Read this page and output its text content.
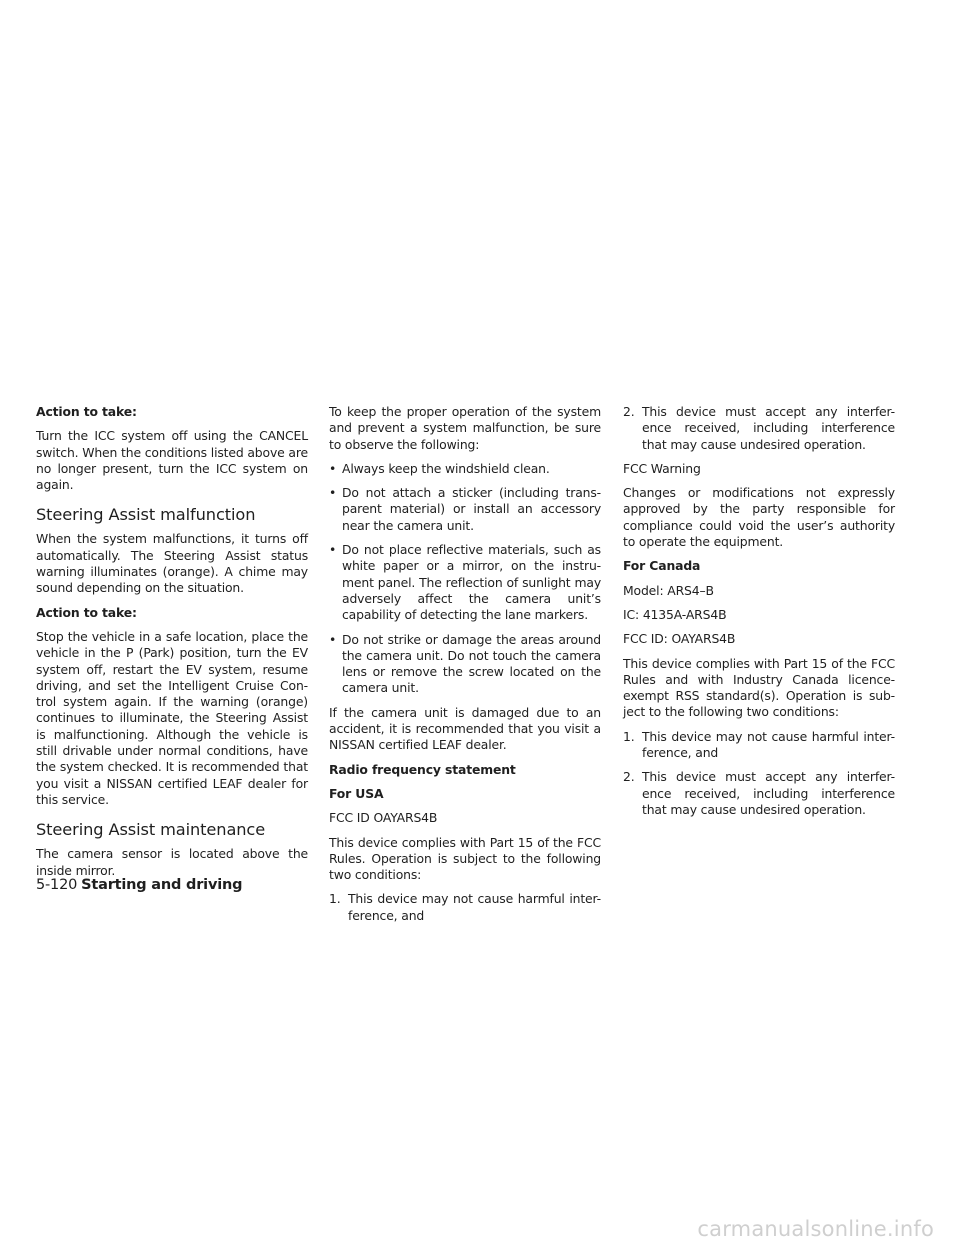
Action to take:

Turn the ICC system off using the CANCEL switch. When the conditions listed above are no longer present, turn the ICC system on again.

Steering Assist malfunction

When the system malfunctions, it turns off automatically. The Steering Assist status warning illuminates (orange). A chime may sound depending on the situation.

Action to take:

Stop the vehicle in a safe location, place the vehicle in the P (Park) position, turn the EV system off, restart the EV system, resume driving, and set the Intelligent Cruise Con-trol system again. If the warning (orange) continues to illuminate, the Steering Assist is malfunctioning. Although the vehicle is still drivable under normal conditions, have the system checked. It is recommended that you visit a NISSAN certified LEAF dealer for this service.

Steering Assist maintenance

The camera sensor is located above the inside mirror.

To keep the proper operation of the system and prevent a system malfunction, be sure to observe the following:

• Always keep the windshield clean.
• Do not attach a sticker (including trans-parent material) or install an accessory near the camera unit.
• Do not place reflective materials, such as white paper or a mirror, on the instru-ment panel. The reflection of sunlight may adversely affect the camera unit’s capability of detecting the lane markers.
• Do not strike or damage the areas around the camera unit. Do not touch the camera lens or remove the screw located on the camera unit.

If the camera unit is damaged due to an accident, it is recommended that you visit a NISSAN certified LEAF dealer.

Radio frequency statement

For USA

FCC ID OAYARS4B

This device complies with Part 15 of the FCC Rules. Operation is subject to the following two conditions:

1. This device may not cause harmful inter-ference, and
2. This device must accept any interfer-ence received, including interference that may cause undesired operation.

FCC Warning

Changes or modifications not expressly approved by the party responsible for compliance could void the user’s authority to operate the equipment.

For Canada

Model: ARS4–B

IC: 4135A-ARS4B

FCC ID: OAYARS4B

This device complies with Part 15 of the FCC Rules and with Industry Canada licence-exempt RSS standard(s). Operation is sub-ject to the following two conditions:

1. This device may not cause harmful inter-ference, and
2. This device must accept any interfer-ence received, including interference that may cause undesired operation.
5-120 Starting and driving
carmanualsonline.info
